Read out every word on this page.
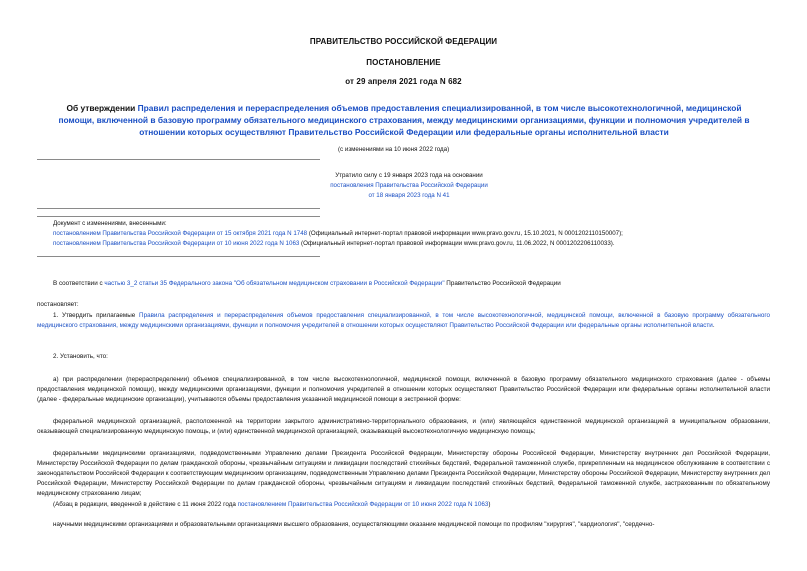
ПРАВИТЕЛЬСТВО РОССИЙСКОЙ ФЕДЕРАЦИИ
ПОСТАНОВЛЕНИЕ
от 29 апреля 2021 года N 682
Об утверждении Правил распределения и перераспределения объемов предоставления специализированной, в том числе высокотехнологичной, медицинской помощи, включенной в базовую программу обязательного медицинского страхования, между медицинскими организациями, функции и полномочия учредителей в отношении которых осуществляют Правительство Российской Федерации или федеральные органы исполнительной власти
(с изменениями на 10 июня 2022 года)
Утратило силу с 19 января 2023 года на основании
постановления Правительства Российской Федерации
от 18 января 2023 года N 41
Документ с изменениями, внесенными:
постановлением Правительства Российской Федерации от 15 октября 2021 года N 1748 (Официальный интернет-портал правовой информации www.pravo.gov.ru, 15.10.2021, N 0001202110150007);
постановлением Правительства Российской Федерации от 10 июня 2022 года N 1063 (Официальный интернет-портал правовой информации www.pravo.gov.ru, 11.06.2022, N 0001202206110033).
В соответствии с частью 3_2 статьи 35 Федерального закона "Об обязательном медицинском страховании в Российской Федерации" Правительство Российской Федерации
постановляет:
1. Утвердить прилагаемые Правила распределения и перераспределения объемов предоставления специализированной, в том числе высокотехнологичной, медицинской помощи, включенной в базовую программу обязательного медицинского страхования, между медицинскими организациями, функции и полномочия учредителей в отношении которых осуществляют Правительство Российской Федерации или федеральные органы исполнительной власти.
2. Установить, что:
а) при распределении (перераспределении) объемов специализированной, в том числе высокотехнологичной, медицинской помощи, включенной в базовую программу обязательного медицинского страхования (далее - объемы предоставления медицинской помощи), между медицинскими организациями, функции и полномочия учредителей в отношении которых осуществляют Правительство Российской Федерации или федеральные органы исполнительной власти (далее - федеральные медицинские организации), учитываются объемы предоставления указанной медицинской помощи в экстренной форме:
федеральной медицинской организацией, расположенной на территории закрытого административно-территориального образования, и (или) являющейся единственной медицинской организацией в муниципальном образовании, оказывающей специализированную медицинскую помощь, и (или) единственной медицинской организацией, оказывающей высокотехнологичную медицинскую помощь;
федеральными медицинскими организациями, подведомственными Управлению делами Президента Российской Федерации, Министерству обороны Российской Федерации, Министерству внутренних дел Российской Федерации, Министерству Российской Федерации по делам гражданской обороны, чрезвычайным ситуациям и ликвидации последствий стихийных бедствий, Федеральной таможенной службе, прикрепленным на медицинское обслуживание в соответствии с законодательством Российской Федерации к соответствующим медицинским организациям, подведомственным Управлению делами Президента Российской Федерации, Министерству обороны Российской Федерации, Министерству внутренних дел Российской Федерации, Министерству Российской Федерации по делам гражданской обороны, чрезвычайным ситуациям и ликвидации последствий стихийных бедствий, Федеральной таможенной службе, застрахованным по обязательному медицинскому страхованию лицам;
(Абзац в редакции, введенной в действие с 11 июня 2022 года постановлением Правительства Российской Федерации от 10 июня 2022 года N 1063)
научными медицинскими организациями и образовательными организациями высшего образования, осуществляющими оказание медицинской помощи по профилям "хирургия", "кардиология", "сердечно-
